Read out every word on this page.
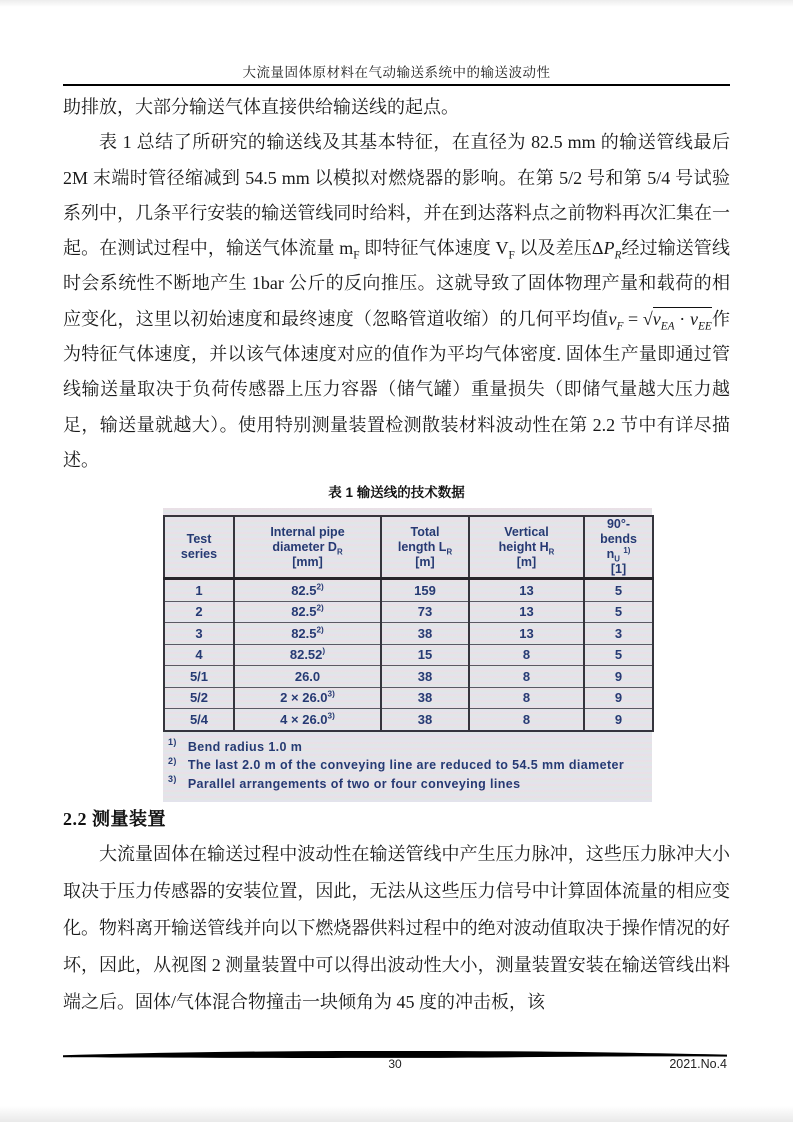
大流量固体原材料在气动输送系统中的输送波动性

助排放，大部分输送气体直接供给输送线的起点。

表 1 总结了所研究的输送线及其基本特征，在直径为 82.5 mm 的输送管线最后 2M 末端时管径缩减到 54.5 mm 以模拟对燃烧器的影响。在第 5/2 号和第 5/4 号试验系列中，几条平行安装的输送管线同时给料，并在到达落料点之前物料再次汇集在一起。在测试过程中，输送气体流量 $m_F$ 即特征气体速度 $V_F$ 以及差压$\Delta P_R$经过输送管线时会系统性不断地产生 1bar 公斤的反向推压。这就导致了固体物理产量和载荷的相应变化，这里以初始速度和最终速度（忽略管道收缩）的几何平均值$v_F = √v_{EA} \cdot v_{EE}$作为特征气体速度，并以该气体速度对应的值作为平均气体密度. 固体生产量即通过管线输送量取决于负荷传感器上压力容器（储气罐）重量损失（即储气量越大压力越足，输送量就越大）。使用特别测量装置检测散装材料波动性在第 2.2 节中有详尽描述。

表 1 输送线的技术数据
Test
series	Internal pipe
diameter $D_R$
[mm]	Total
length $L_R$
[m]	Vertical
height $H_R$
[m]	90°-
bends
$n_U$ $^{1)}$
[1]
1	82.5$^{2)}$	159	13	5
2	82.5$^{2)}$	73	13	5
3	82.5$^{2)}$	38	13	3
4	82.52)	15	8	5
5/1	26.0	38	8	9
5/2	$2 \times 26.0^{3)}$	38	8	9
5/4	$4 \times 26.0^{3)}$	38	8	9
$^{1)}$ Bend radius 1.0 m
$^{2)}$ The last 2.0 m of the conveying line are reduced to 54.5 mm diameter
$^{3)}$ Parallel arrangements of two or four conveying lines
2.2 测量装置

大流量固体在输送过程中波动性在输送管线中产生压力脉冲，这些压力脉冲大小取决于压力传感器的安装位置，因此，无法从这些压力信号中计算固体流量的相应变化。物料离开输送管线并向以下燃烧器供料过程中的绝对波动值取决于操作情况的好坏，因此，从视图 2 测量装置中可以得出波动性大小，测量装置安装在输送管线出料端之后。固体/气体混合物撞击一块倾角为 45 度的冲击板，该

30	2021.No.4
